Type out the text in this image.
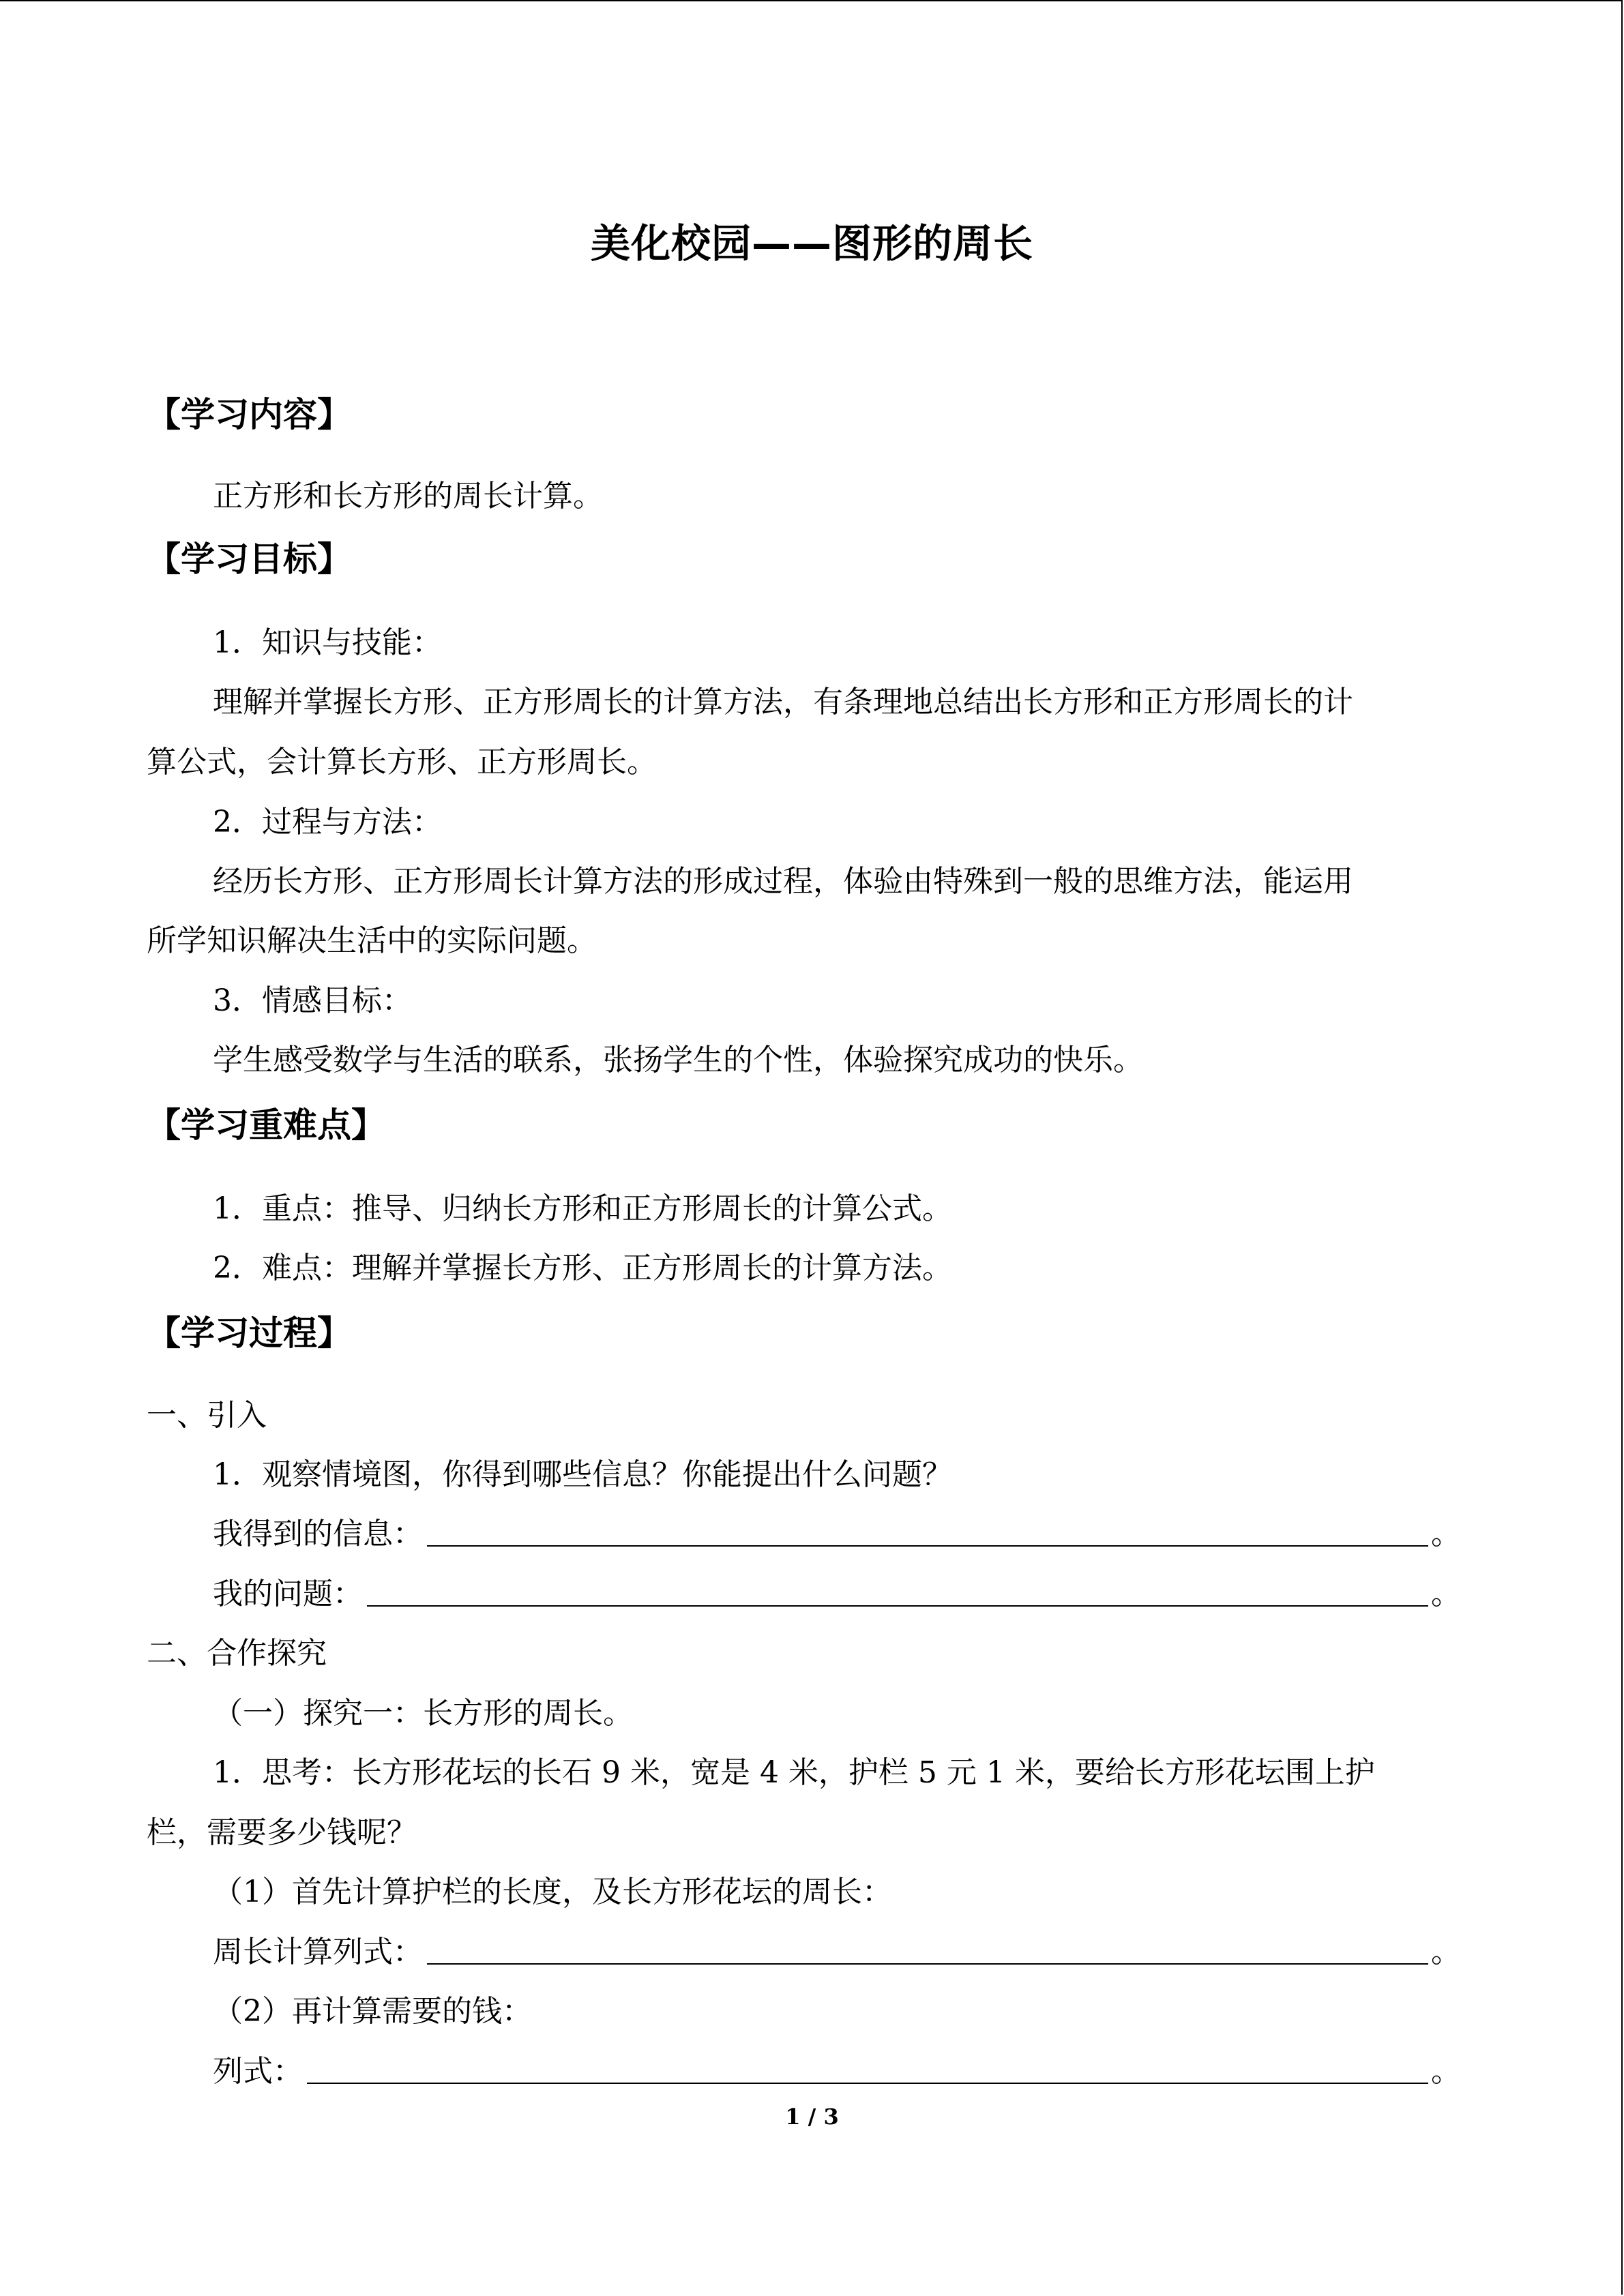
美化校园——图形的周长
【学习内容】
正方形和长方形的周长计算。
【学习目标】
1．知识与技能：
理解并掌握长方形、正方形周长的计算方法，有条理地总结出长方形和正方形周长的计
算公式，会计算长方形、正方形周长。
2．过程与方法：
经历长方形、正方形周长计算方法的形成过程，体验由特殊到一般的思维方法，能运用
所学知识解决生活中的实际问题。
3．情感目标：
学生感受数学与生活的联系，张扬学生的个性，体验探究成功的快乐。
【学习重难点】
1．重点：推导、归纳长方形和正方形周长的计算公式。
2．难点：理解并掌握长方形、正方形周长的计算方法。
【学习过程】
一、引入
1．观察情境图，你得到哪些信息？你能提出什么问题？
我得到的信息：	。
我的问题：	。
二、合作探究
（一）探究一：长方形的周长。
1．思考：长方形花坛的长石 9 米，宽是 4 米，护栏 5 元 1 米，要给长方形花坛围上护
栏，需要多少钱呢？
（1）首先计算护栏的长度，及长方形花坛的周长：
周长计算列式：	。
（2）再计算需要的钱：
列式：	。
1 / 3
